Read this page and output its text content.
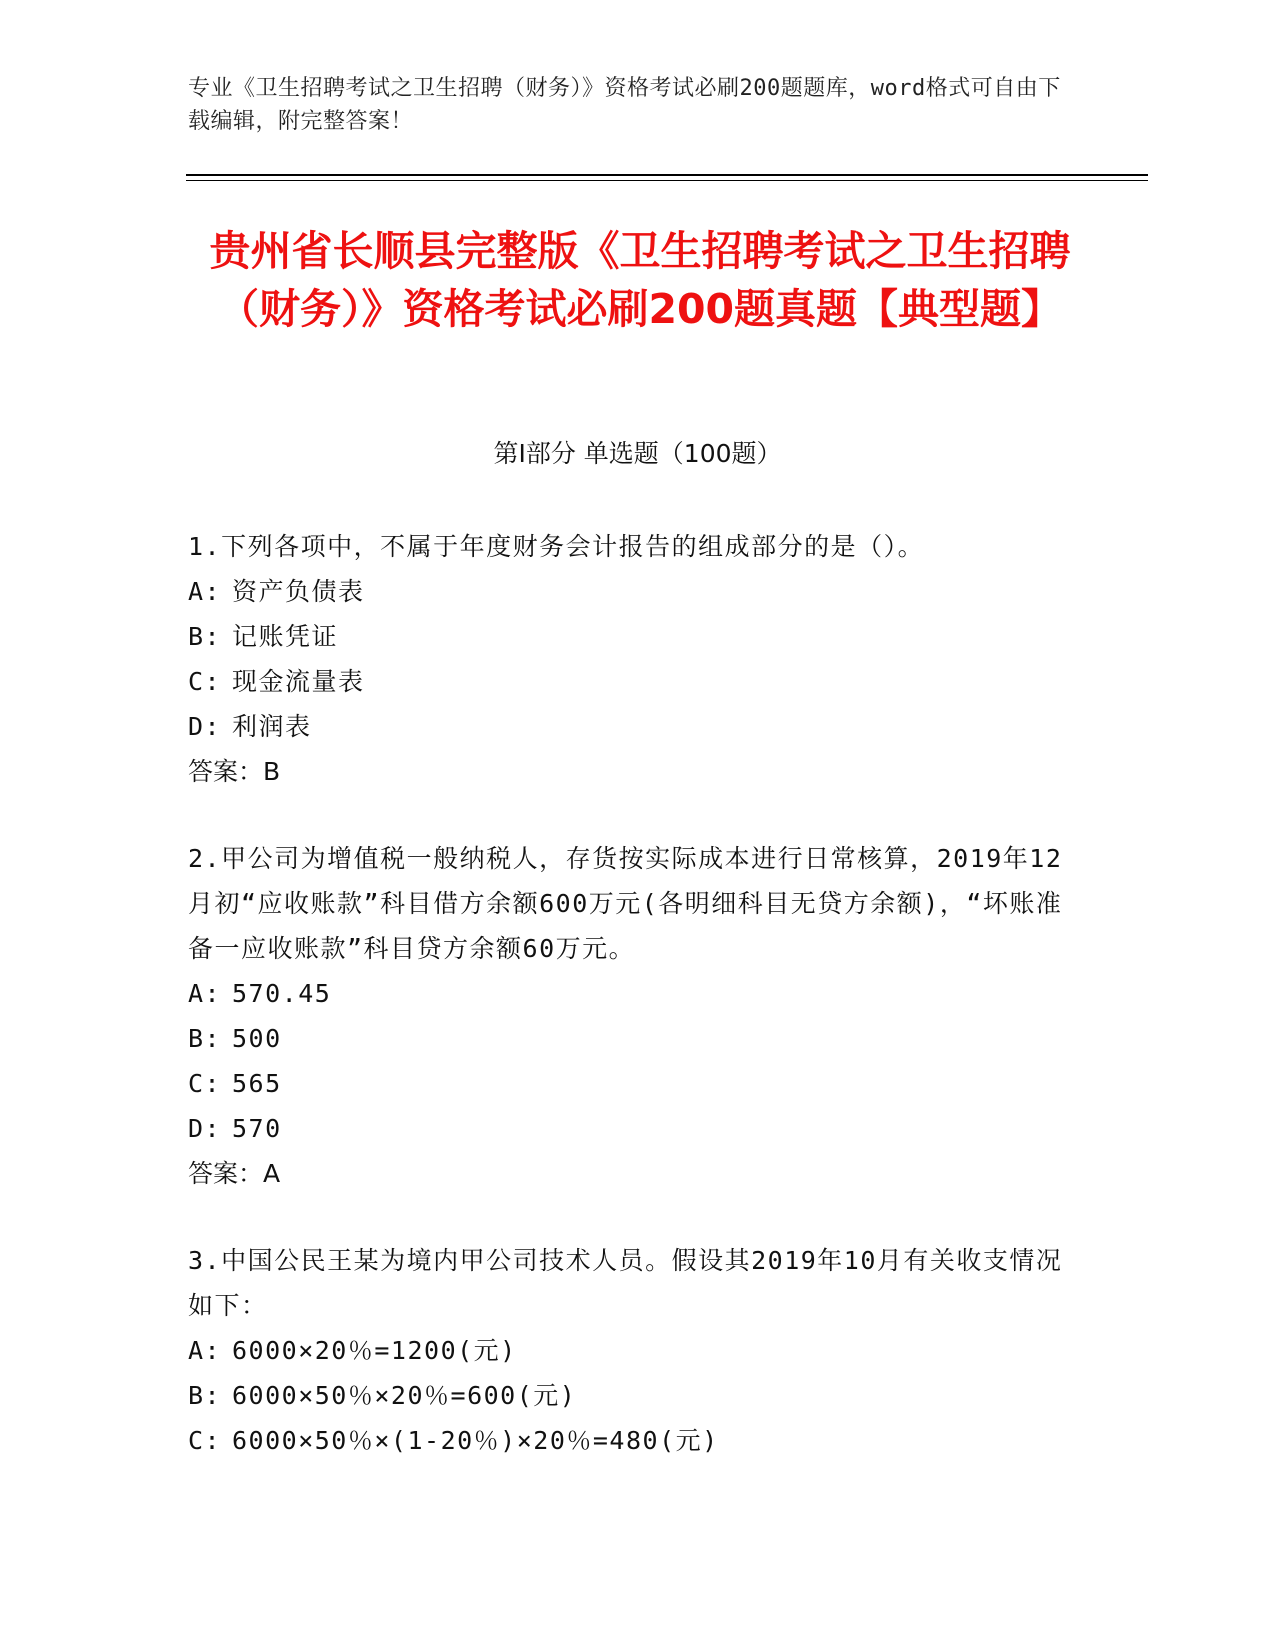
专业《卫生招聘考试之卫生招聘（财务）》资格考试必刷200题题库，word格式可自由下载编辑，附完整答案！
贵州省长顺县完整版《卫生招聘考试之卫生招聘（财务）》资格考试必刷200题真题【典型题】
第Ⅰ部分 单选题（100题）

1.下列各项中，不属于年度财务会计报告的组成部分的是（）。

A: 资产负债表

B: 记账凭证

C: 现金流量表

D: 利润表

答案：B

2.甲公司为增值税一般纳税人，存货按实际成本进行日常核算，2019年12月初“应收账款”科目借方余额600万元(各明细科目无贷方余额)，“坏账准备一应收账款”科目贷方余额60万元。

A: 570.45

B: 500

C: 565

D: 570

答案：A

3.中国公民王某为境内甲公司技术人员。假设其2019年10月有关收支情况如下：

A: 6000×20％=1200(元)

B: 6000×50％×20％=600(元)

C: 6000×50％×(1-20％)×20％=480(元)
